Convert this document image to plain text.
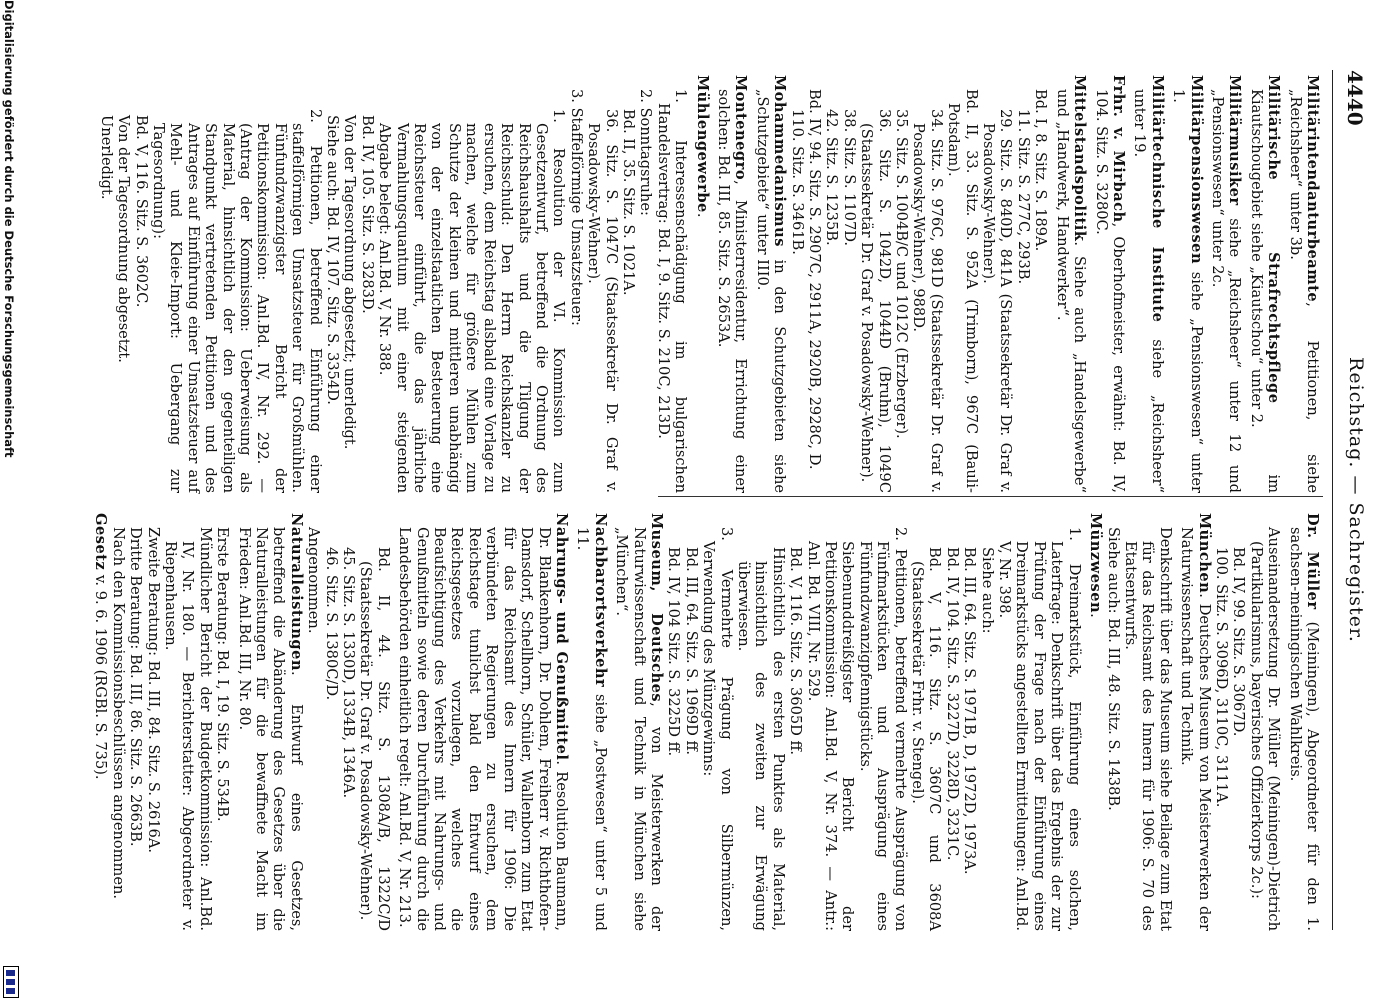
4440
Reichstag. — Sachregister.

Militärintendanturbeamte, Petitionen, siehe „Reichsheer“ unter 3b.

Militärische Strafrechtspflege im Kiautschougebiet siehe „Kiautschou“ unter 2.

Militärmusiker siehe „Reichsheer“ unter 12 und „Pensionswesen“ unter 2c.

Militärpensionswesen siehe „Pensionswesen“ unter 1.

Militärtechnische Institute siehe „Reichsheer“ unter 19.

Frhr. v. Mirbach, Oberhofmeister, erwähnt: Bd. IV, 104. Sitz. S. 3280C.

Mittelstandspolitik. Siehe auch „Handelsgewerbe“ und „Handwerk, Handwerker“.

Bd. I, 8. Sitz. S. 189A.

11. Sitz. S. 277C, 293B.

29. Sitz. S. 840D, 841A (Staatssekretär Dr. Graf v. Posadowsky-Wehner).

Bd. II, 33. Sitz. S. 952A (Trimborn), 967C (Bauli-Potsdam).

34. Sitz. S. 976C, 981D (Staatssekretär Dr. Graf v. Posadowsky-Wehner), 988D.

35. Sitz. S. 1004B/C und 1012C (Erzberger).

36. Sitz. S. 1042D, 1044D (Bruhn), 1049C (Staatssekretär Dr. Graf v. Posadowsky-Wehner).

38. Sitz. S. 1107D.

42. Sitz. S. 1235B.

Bd. IV, 94. Sitz. S. 2907C, 2911A, 2920B, 2928C, D.

110. Sitz. S. 3461B.

Mohammedanismus in den Schutzgebieten siehe „Schutzgebiete“ unter III0.

Montenegro, Ministerresidentur, Errichtung einer solchen: Bd. III, 85. Sitz. S. 2653A.

Mühlengewerbe.

1. Interessenschädigung im bulgarischen Handelsvertrag: Bd. I, 9. Sitz. S. 210C, 213D.

2. Sonntagsruhe:

Bd. II, 35. Sitz. S. 1021A.

36. Sitz. S. 1047C (Staatssekretär Dr. Graf v. Posadowsky-Wehner).

3. Staffelförmige Umsatzsteuer:

1. Resolution der VI. Kommission zum Gesetzentwurf, betreffend die Ordnung des Reichshaushalts und die Tilgung der Reichsschuld: Den Herrn Reichskanzler zu ersuchen, dem Reichstag alsbald eine Vorlage zu machen, welche für größere Mühlen zum Schutze der kleinen und mittleren unabhängig von der einzelstaatlichen Besteuerung eine Reichssteuer einführt, die das jährliche Vermahlungsquantum mit einer steigenden Abgabe belegt: Anl.Bd. V, Nr. 388.

Bd. IV, 105. Sitz. S. 3283D.

Von der Tagesordnung abgesetzt; unerledigt.

Siehe auch: Bd. IV, 107. Sitz. S. 3354D.

2. Petitionen, betreffend Einführung einer staffelförmigen Umsatzsteuer für Großmühlen. Fünfundzwanzigster Bericht der Petitionskommission: Anl.Bd. IV, Nr. 292. — (Antrag der Kommission: Ueberweisung als Material, hinsichtlich der den gegenteiligen Standpunkt vertretenden Petitionen und des Antrages auf Einführung einer Umsatzsteuer auf Mehl- und Kleie-Import: Uebergang zur Tagesordnung):

Bd. V, 116. Sitz. S. 3602C.

Von der Tagesordnung abgesetzt.

Unerledigt.

Dr. Müller (Meiningen), Abgeordneter für den 1. sachsen-meiningischen Wahlkreis.

Auseinandersetzung Dr. Müller (Meiningen)-Dietrich (Partikularismus, bayerisches Offizierkorps 2c.):

Bd. IV, 99. Sitz. S. 3067D.

100. Sitz. S. 3096D, 3110C, 3111A.

München. Deutsches Museum von Meisterwerken der Naturwissenschaft und Technik.

Denkschrift über das Museum siehe Beilage zum Etat für das Reichsamt des Innern für 1906: S. 70 des Etatsentwurfs.

Siehe auch: Bd. III, 48. Sitz. S. 1438B.

Münzwesen.

1. Dreimarkstück, Einführung eines solchen, Laterfrage: Denkschrift über das Ergebnis der zur Prüfung der Frage nach der Einführung eines Dreimarkstücks angestellten Ermittelungen: Anl.Bd. V, Nr. 398.

Siehe auch:

Bd. III, 64. Sitz. S. 1971B, D, 1972D, 1973A.

Bd. IV, 104. Sitz. S. 3227D, 3228D, 3231C.

Bd. V, 116. Sitz. S. 3607C und 3608A (Staatssekretär Frhr. v. Stengel).

2. Petitionen, betreffend vermehrte Ausprägung von Fünfmarkstücken und Ausprägung eines Fünfundzwanzigpfennigstücks. Siebenunddreißigster Bericht der Petitionskommission: Anl.Bd. V, Nr. 374. — Antr.: Anl. Bd. VIII, Nr. 529.

Bd. V, 116. Sitz. S. 3605D ff.

Hinsichtlich des ersten Punktes als Material, hinsichtlich des zweiten zur Erwägung überwiesen.

3. Vermehrte Prägung von Silbermünzen, Verwendung des Münzgewinns:

Bd. III, 64. Sitz. S. 1969D ff.

Bd. IV, 104 Sitz. S. 3225D ff.

Museum, Deutsches, von Meisterwerken der Naturwissenschaft und Technik in München siehe „München“.

Nachbarortsverkehr siehe „Postwesen“ unter 5 und 11.

Nahrungs- und Genußmittel. Resolution Baumann, Dr. Blankenhorn, Dr. Dohlem, Freiherr v. Richthofen-Damsdorf, Schellhorn, Schüler, Wallenborn zum Etat für das Reichsamt des Innern für 1906: Die verbündeten Regierungen zu ersuchen, dem Reichstage tunlichst bald den Entwurf eines Reichsgesetzes vorzulegen, welches die Beaufsichtigung des Verkehrs mit Nahrungs- und Genußmitteln sowie deren Durchführung durch die Landesbehörden einheitlich regelt: Anl.Bd. V, Nr. 213.

Bd. II, 44. Sitz. S. 1308A/B, 1322C/D (Staatssekretär Dr. Graf v. Posadowsky-Wehner).

45. Sitz. S. 1330D, 1334B, 1346A.

46. Sitz. S. 1380C/D.

Angenommen.

Naturalleistungen. Entwurf eines Gesetzes, betreffend die Abänderung des Gesetzes über die Naturalleistungen für die bewaffnete Macht im Frieden: Anl.Bd. III, Nr. 80.

Erste Beratung: Bd. I, 19. Sitz. S. 534B.

Mündlicher Bericht der Budgetkommission: Anl.Bd. IV, Nr. 180. — Berichterstatter: Abgeordneter v. Riepenhausen.

Zweite Beratung: Bd. III, 84. Sitz. S. 2616A.

Dritte Beratung: Bd. III, 86. Sitz. S. 2663B.

Nach den Kommissionsbeschlüssen angenommen.

Gesetz v. 9. 6. 1906 (RGBl. S. 735).

Digitalisierung gefördert durch die Deutsche Forschungsgemeinschaft
